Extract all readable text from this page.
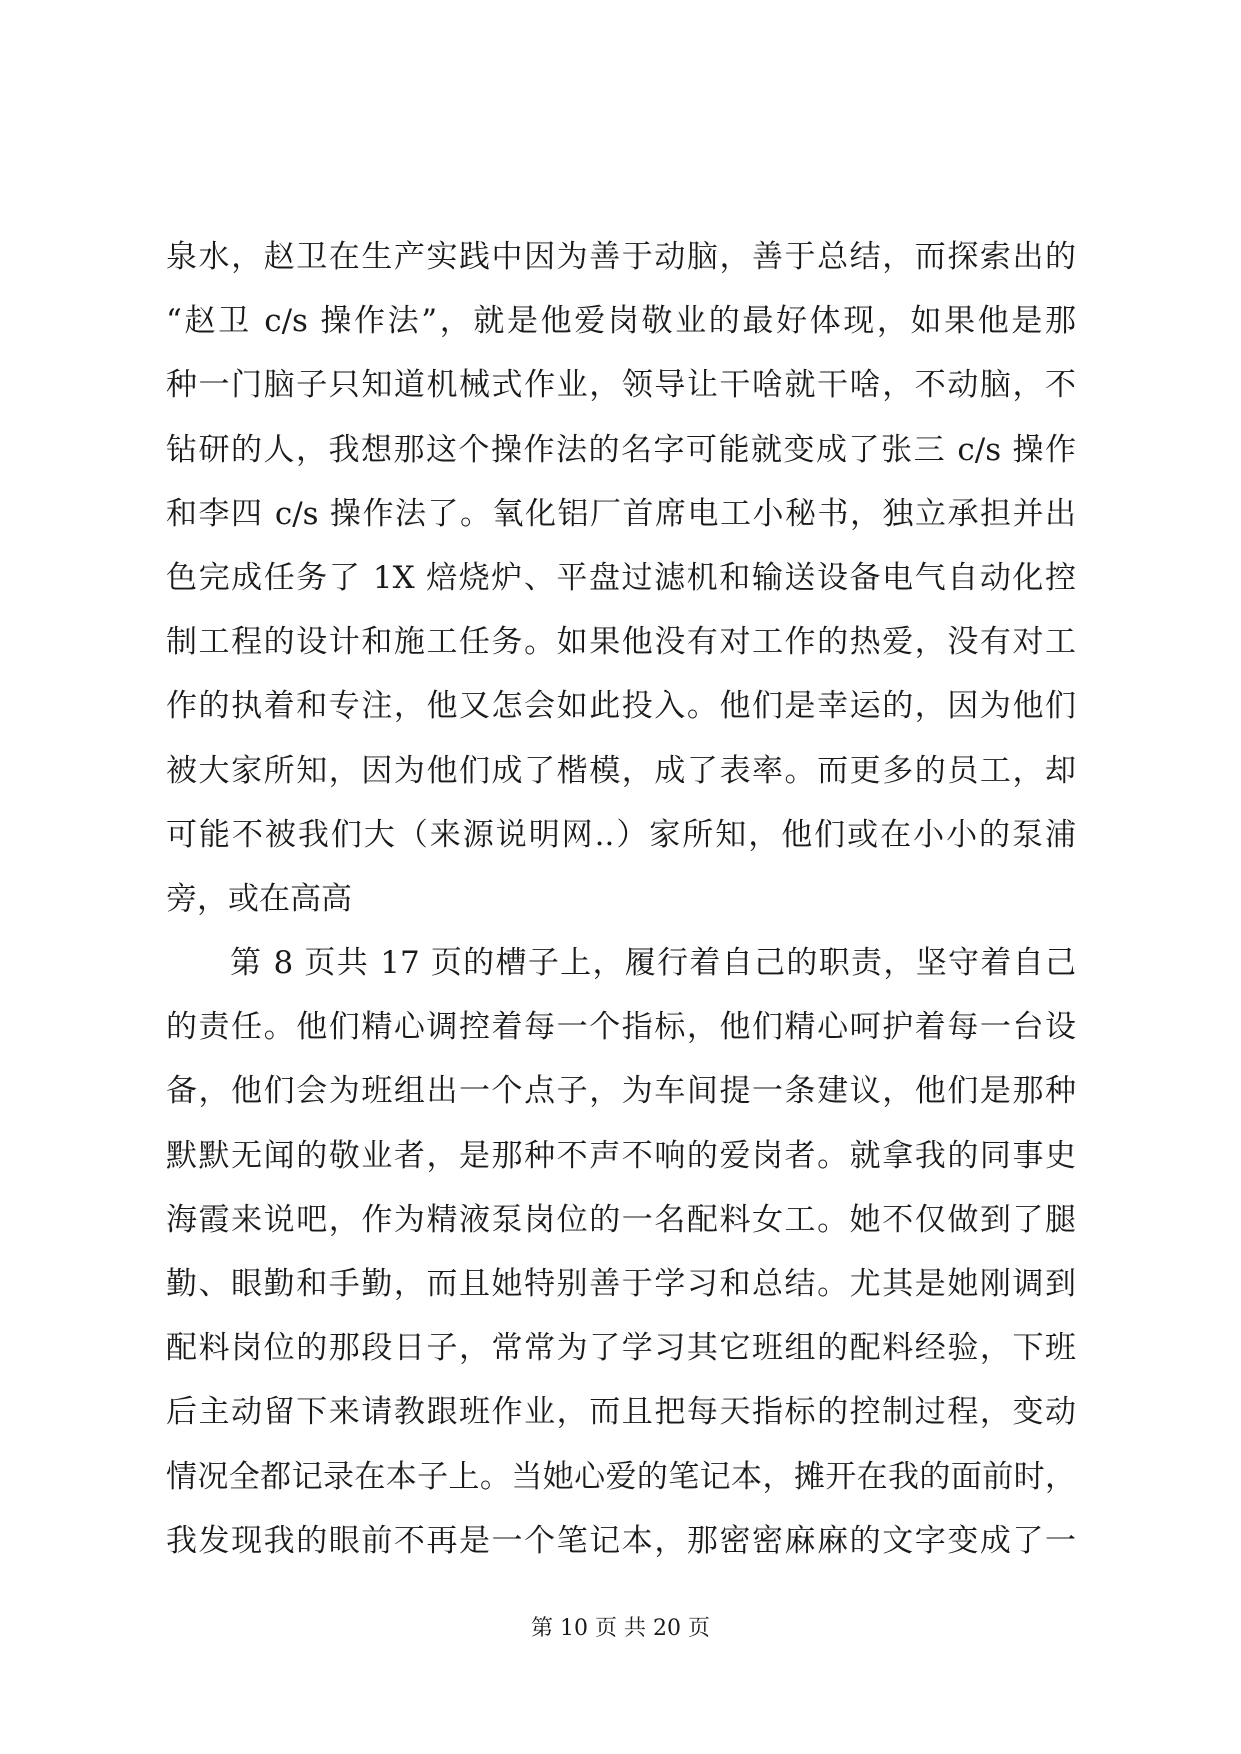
泉水，赵卫在生产实践中因为善于动脑，善于总结，而探索出的
“赵卫 c/s 操作法”，就是他爱岗敬业的最好体现，如果他是那
种一门脑子只知道机械式作业，领导让干啥就干啥，不动脑，不
钻研的人，我想那这个操作法的名字可能就变成了张三 c/s 操作
和李四 c/s 操作法了。氧化铝厂首席电工小秘书，独立承担并出
色完成任务了 1X 焙烧炉、平盘过滤机和输送设备电气自动化控
制工程的设计和施工任务。如果他没有对工作的热爱，没有对工
作的执着和专注，他又怎会如此投入。他们是幸运的，因为他们
被大家所知，因为他们成了楷模，成了表率。而更多的员工，却
可能不被我们大（来源说明网..）家所知，他们或在小小的泵浦
旁，或在高高
第 8 页共 17 页的槽子上，履行着自己的职责，坚守着自己
的责任。他们精心调控着每一个指标，他们精心呵护着每一台设
备，他们会为班组出一个点子，为车间提一条建议，他们是那种
默默无闻的敬业者，是那种不声不响的爱岗者。就拿我的同事史
海霞来说吧，作为精液泵岗位的一名配料女工。她不仅做到了腿
勤、眼勤和手勤，而且她特别善于学习和总结。尤其是她刚调到
配料岗位的那段日子，常常为了学习其它班组的配料经验，下班
后主动留下来请教跟班作业，而且把每天指标的控制过程，变动
情况全都记录在本子上。当她心爱的笔记本，摊开在我的面前时，
我发现我的眼前不再是一个笔记本，那密密麻麻的文字变成了一
第 10 页 共 20 页
